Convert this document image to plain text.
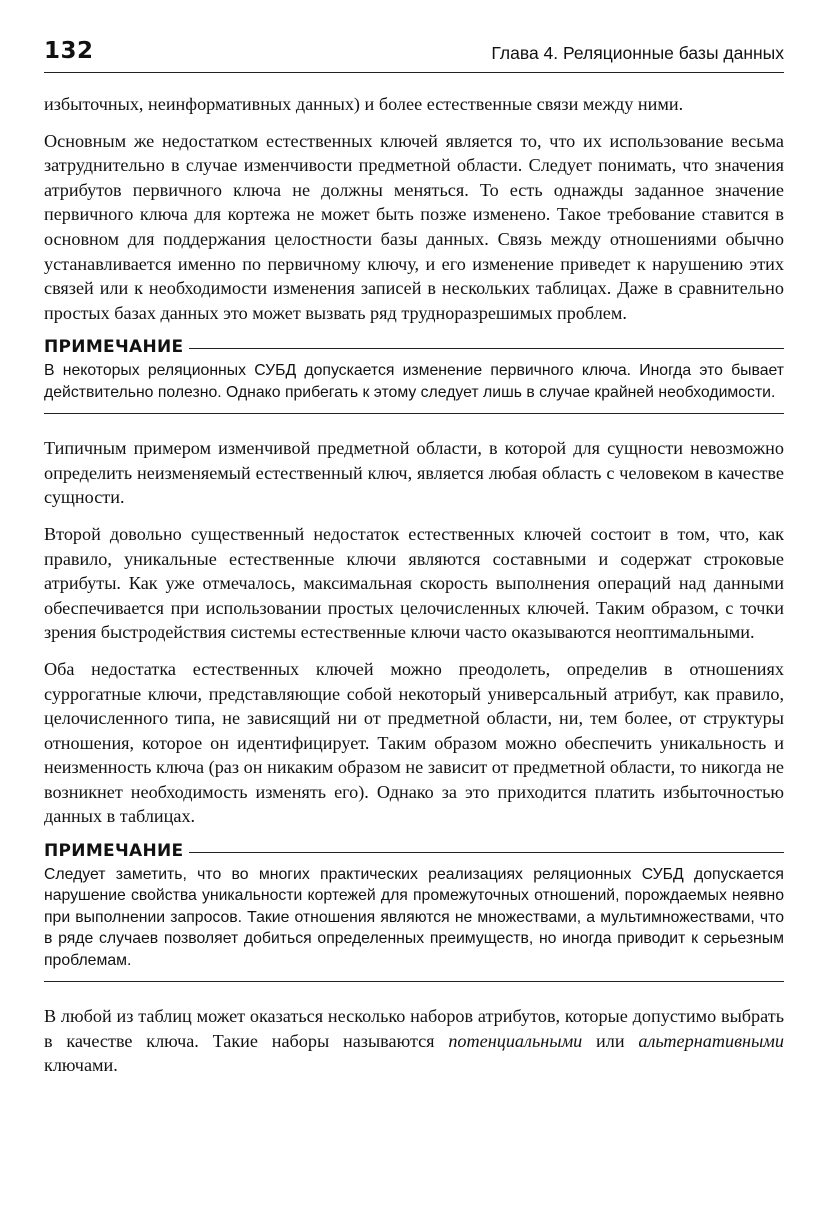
132	Глава 4. Реляционные базы данных

избыточных, неинформативных данных) и более естественные связи между ними.

Основным же недостатком естественных ключей является то, что их использование весьма затруднительно в случае изменчивости предметной области. Следует понимать, что значения атрибутов первичного ключа не должны меняться. То есть однажды заданное значение первичного ключа для кортежа не может быть позже изменено. Такое требование ставится в основном для поддержания целостности базы данных. Связь между отношениями обычно устанавливается именно по первичному ключу, и его изменение приведет к нарушению этих связей или к необходимости изменения записей в нескольких таблицах. Даже в сравнительно простых базах данных это может вызвать ряд трудноразрешимых проблем.

ПРИМЕЧАНИЕ

В некоторых реляционных СУБД допускается изменение первичного ключа. Иногда это бывает действительно полезно. Однако прибегать к этому следует лишь в случае крайней необходимости.

Типичным примером изменчивой предметной области, в которой для сущности невозможно определить неизменяемый естественный ключ, является любая область с человеком в качестве сущности.

Второй довольно существенный недостаток естественных ключей состоит в том, что, как правило, уникальные естественные ключи являются составными и содержат строковые атрибуты. Как уже отмечалось, максимальная скорость выполнения операций над данными обеспечивается при использовании простых целочисленных ключей. Таким образом, с точки зрения быстродействия системы естественные ключи часто оказываются неоптимальными.

Оба недостатка естественных ключей можно преодолеть, определив в отношениях суррогатные ключи, представляющие собой некоторый универсальный атрибут, как правило, целочисленного типа, не зависящий ни от предметной области, ни, тем более, от структуры отношения, которое он идентифицирует. Таким образом можно обеспечить уникальность и неизменность ключа (раз он никаким образом не зависит от предметной области, то никогда не возникнет необходимость изменять его). Однако за это приходится платить избыточностью данных в таблицах.

ПРИМЕЧАНИЕ

Следует заметить, что во многих практических реализациях реляционных СУБД допускается нарушение свойства уникальности кортежей для промежуточных отношений, порождаемых неявно при выполнении запросов. Такие отношения являются не множествами, а мультимножествами, что в ряде случаев позволяет добиться определенных преимуществ, но иногда приводит к серьезным проблемам.

В любой из таблиц может оказаться несколько наборов атрибутов, которые допустимо выбрать в качестве ключа. Такие наборы называются потенциальными или альтернативными ключами.
